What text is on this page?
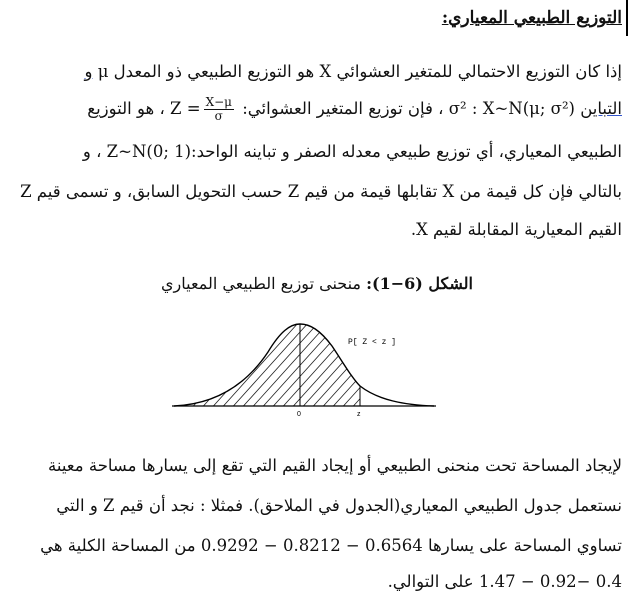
التوزيع الطبيعي المعياري:
إذا كان التوزيع الاحتمالي للمتغير العشوائي X هو التوزيع الطبيعي ذو المعدل μ و
التباين σ² : X~N(μ; σ²) ، فإن توزيع المتغير العشوائي: $Z = \frac{X-\mu}{\sigma}$
، هو التوزيع
الطبيعي المعياري، أي توزيع طبيعي معدله الصفر و تباينه الواحد:(Z~N(0; 1 ، و
بالتالي فإن كل قيمة من X تقابلها قيمة من قيم Z حسب التحويل السابق، و تسمى قيم Z
القيم المعيارية المقابلة لقيم X.
الشكل (6−1): منحنى توزيع الطبيعي المعياري
P[ Z < z ]
0	z
لإيجاد المساحة تحت منحنى الطبيعي أو إيجاد القيم التي تقع إلى يسارها مساحة معينة
نستعمل جدول الطبيعي المعياري(الجدول في الملاحق). فمثلا : نجد أن قيم Z و التي
تساوي المساحة على يسارها 0.6564 − 0.8212 − 0.9292 من المساحة الكلية هي
0.4 −0.92 − 1.47 على التوالي.
